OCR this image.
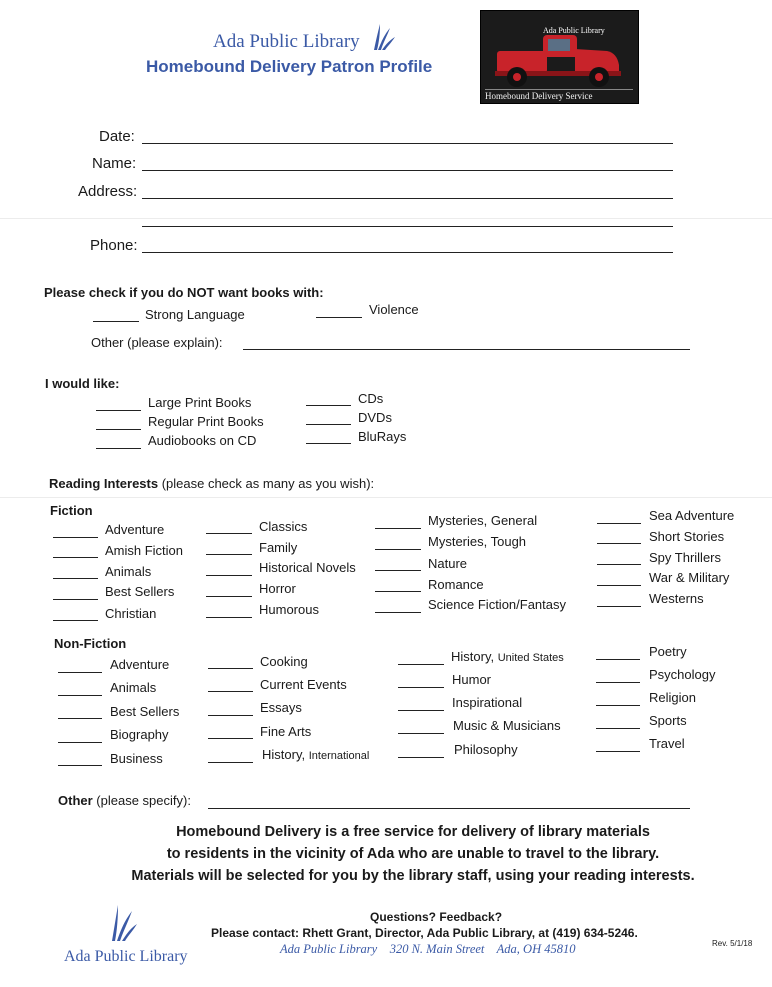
Ada Public Library
Homebound Delivery Patron Profile
Ada Public Library
Homebound Delivery Service
Date:
Name:
Address:
Phone:
Please check if you do NOT want books with:
Strong Language	Violence
Other (please explain):
I would like:
Large Print Books
Regular Print Books
Audiobooks on CD
CDs
DVDs
BluRays
Reading Interests (please check as many as you wish):
Fiction
Adventure
Amish Fiction
Animals
Best Sellers
Christian
Classics
Family
Historical Novels
Horror
Humorous
Mysteries, General
Mysteries, Tough
Nature
Romance
Science Fiction/Fantasy
Sea Adventure
Short Stories
Spy Thrillers
War & Military
Westerns
Non-Fiction
Adventure
Animals
Best Sellers
Biography
Business
Cooking
Current Events
Essays
Fine Arts
History, International
History, United States
Humor
Inspirational
Music & Musicians
Philosophy
Poetry
Psychology
Religion
Sports
Travel
Other (please specify):
Homebound Delivery is a free service for delivery of library materials
to residents in the vicinity of Ada who are unable to travel to the library.
Materials will be selected for you by the library staff, using your reading interests.
Ada Public Library
Questions? Feedback?
Please contact: Rhett Grant, Director, Ada Public Library, at (419) 634-5246.
Ada Public Library    320 N. Main Street    Ada, OH 45810	Rev. 5/1/18
